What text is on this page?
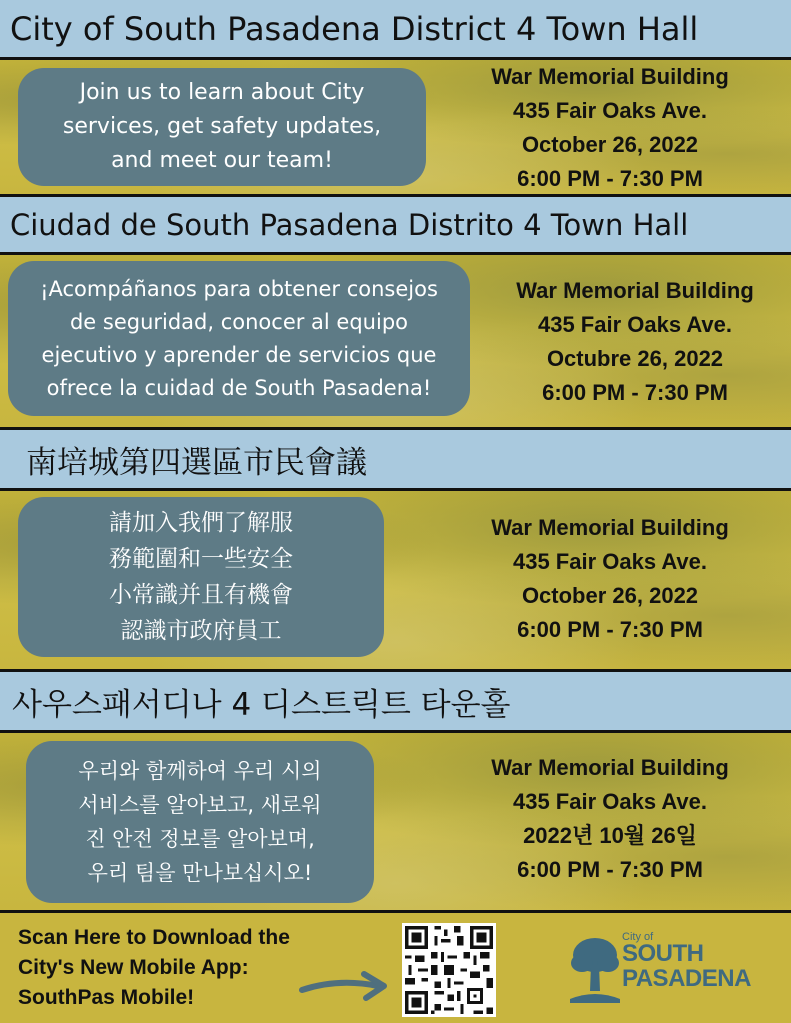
City of South Pasadena District 4 Town Hall
Join us to learn about City
services, get safety updates,
and meet our team!
War Memorial Building
435 Fair Oaks Ave.
October 26, 2022
6:00 PM - 7:30 PM
Ciudad de South Pasadena Distrito 4 Town Hall
¡Acompáñanos para obtener consejos
de seguridad, conocer al equipo
ejecutivo y aprender de servicios que
ofrece la cuidad de South Pasadena!
War Memorial Building
435 Fair Oaks Ave.
Octubre 26, 2022
6:00 PM - 7:30 PM
南培城第四選區市民會議
請加入我們了解服
務範圍和一些安全
小常識并且有機會
認識市政府員工
War Memorial Building
435 Fair Oaks Ave.
October 26, 2022
6:00 PM - 7:30 PM
사우스패서디나 4 디스트릭트 타운홀
우리와 함께하여 우리 시의
서비스를 알아보고, 새로워
진 안전 정보를 알아보며,
우리 팀을 만나보십시오!
War Memorial Building
435 Fair Oaks Ave.
2022년 10월 26일
6:00 PM - 7:30 PM
Scan Here to Download the
City's New Mobile App:
SouthPas Mobile!
City of
SOUTH
PASADENA
